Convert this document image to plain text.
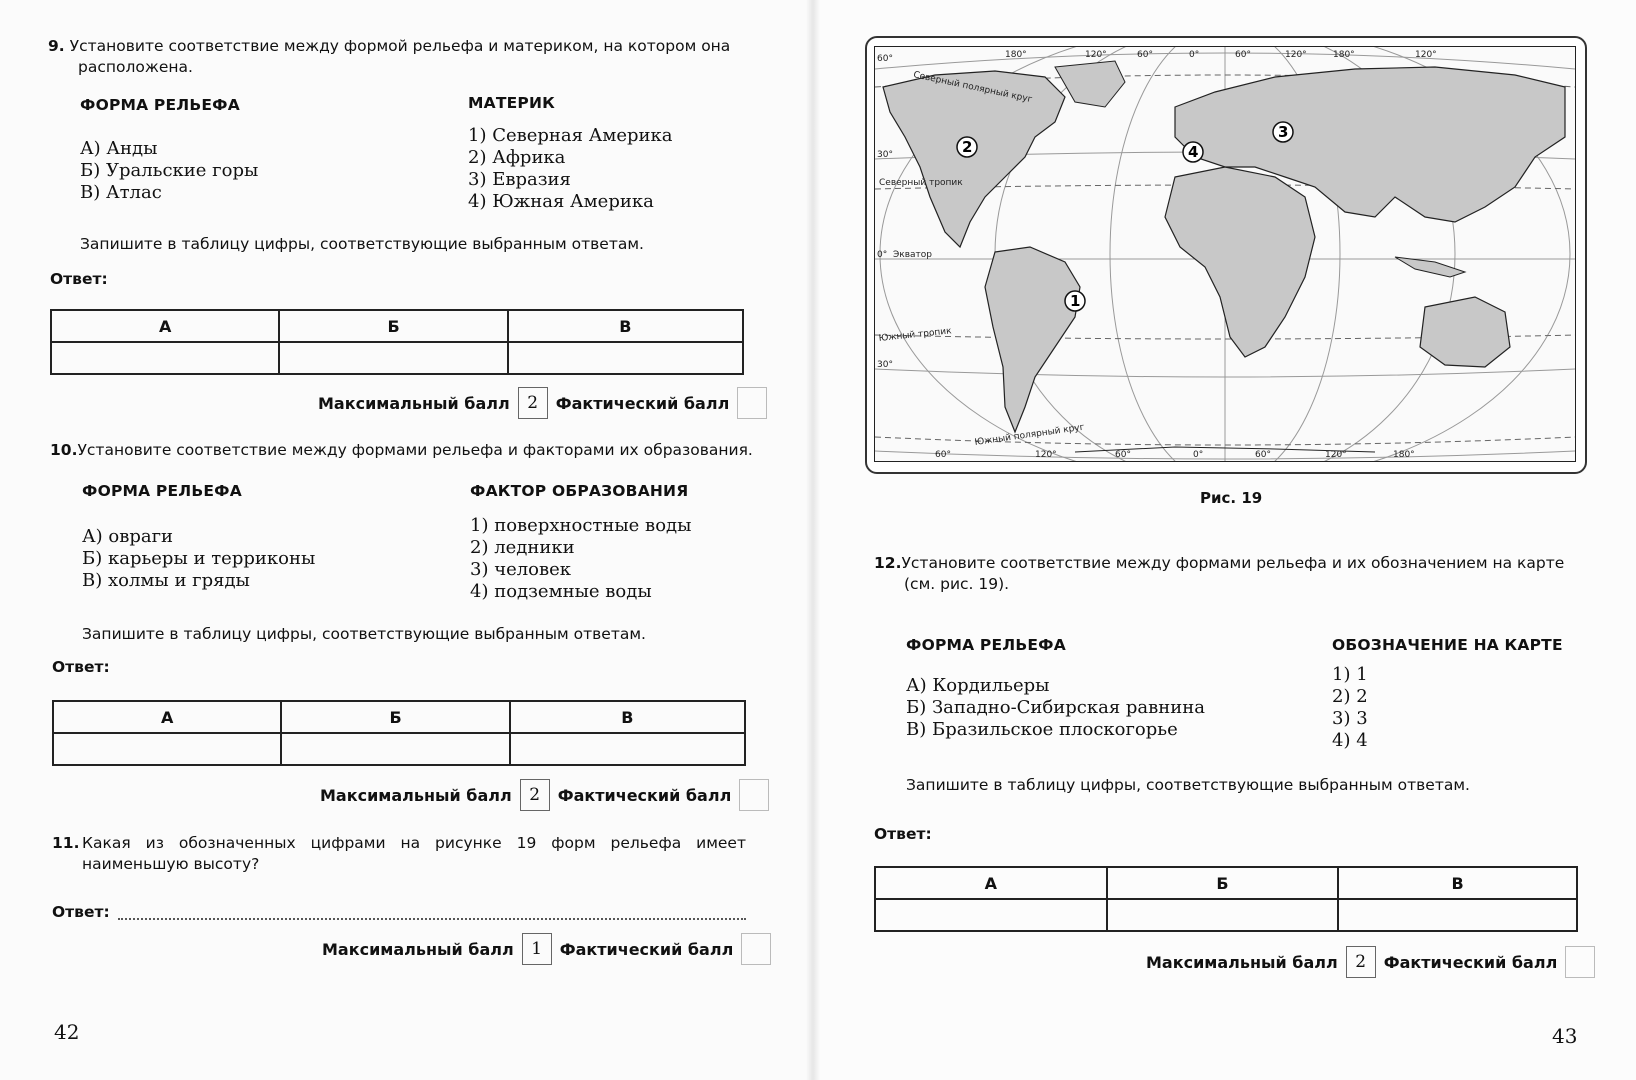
9. Установите соответствие между формой рельефа и материком, на котором она
расположена.
ФОРМА РЕЛЬЕФА	МАТЕРИК
А) Анды
Б) Уральские горы
В) Атлас
1) Северная Америка
2) Африка
3) Евразия
4) Южная Америка
Запишите в таблицу цифры, соответствующие выбранным ответам.
Ответ:
А	Б	В

Максимальный балл	2	Фактический балл
10.Установите соответствие между формами рельефа и факторами их образования.
ФОРМА РЕЛЬЕФА	ФАКТОР ОБРАЗОВАНИЯ
А) овраги
Б) карьеры и терриконы
В) холмы и гряды
1) поверхностные воды
2) ледники
3) человек
4) подземные воды
Запишите в таблицу цифры, соответствующие выбранным ответам.
Ответ:
А	Б	В

Максимальный балл	2	Фактический балл
11. Какая из обозначенных цифрами на рисунке 19 форм рельефа имеет
наименьшую высоту?
Ответ:
Максимальный балл	1	Фактический балл
42
60°
30°
0°
30°
180°	120°	60°	0°	60°	120°	180°	120°
60°	120°	60°	0°	60°	120°	180°
Северный полярный круг
Северный тропик
Экватор
Южный тропик
Южный полярный круг
1
2
3
4
Рис. 19
12.Установите соответствие между формами рельефа и их обозначением на карте
(см. рис. 19).
ФОРМА РЕЛЬЕФА	ОБОЗНАЧЕНИЕ НА КАРТЕ
А) Кордильеры
Б) Западно-Сибирская равнина
В) Бразильское плоскогорье
1) 1
2) 2
3) 3
4) 4
Запишите в таблицу цифры, соответствующие выбранным ответам.
Ответ:
А	Б	В

Максимальный балл	2	Фактический балл
43
